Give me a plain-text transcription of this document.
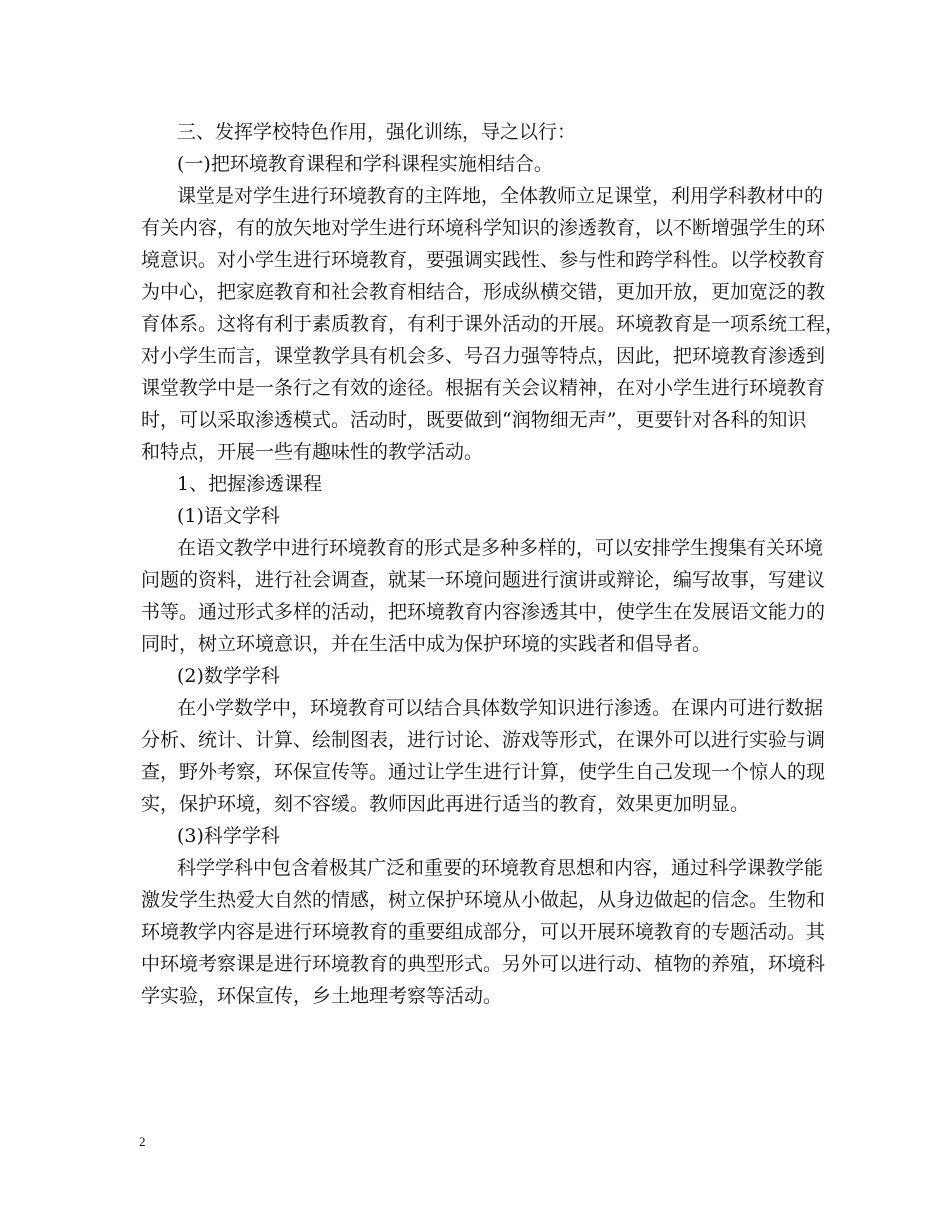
三、发挥学校特色作用，强化训练，导之以行：
(一)把环境教育课程和学科课程实施相结合。
课堂是对学生进行环境教育的主阵地，全体教师立足课堂，利用学科教材中的
有关内容，有的放矢地对学生进行环境科学知识的渗透教育，以不断增强学生的环
境意识。对小学生进行环境教育，要强调实践性、参与性和跨学科性。以学校教育
为中心，把家庭教育和社会教育相结合，形成纵横交错，更加开放，更加宽泛的教
育体系。这将有利于素质教育，有利于课外活动的开展。环境教育是一项系统工程，
对小学生而言，课堂教学具有机会多、号召力强等特点，因此，把环境教育渗透到
课堂教学中是一条行之有效的途径。根据有关会议精神，在对小学生进行环境教育
时，可以采取渗透模式。活动时，既要做到“润物细无声”，更要针对各科的知识
和特点，开展一些有趣味性的教学活动。
1、把握渗透课程
(1)语文学科
在语文教学中进行环境教育的形式是多种多样的，可以安排学生搜集有关环境
问题的资料，进行社会调查，就某一环境问题进行演讲或辩论，编写故事，写建议
书等。通过形式多样的活动，把环境教育内容渗透其中，使学生在发展语文能力的
同时，树立环境意识，并在生活中成为保护环境的实践者和倡导者。
(2)数学学科
在小学数学中，环境教育可以结合具体数学知识进行渗透。在课内可进行数据
分析、统计、计算、绘制图表，进行讨论、游戏等形式，在课外可以进行实验与调
查，野外考察，环保宣传等。通过让学生进行计算，使学生自己发现一个惊人的现
实，保护环境，刻不容缓。教师因此再进行适当的教育，效果更加明显。
(3)科学学科
科学学科中包含着极其广泛和重要的环境教育思想和内容，通过科学课教学能
激发学生热爱大自然的情感，树立保护环境从小做起，从身边做起的信念。生物和
环境教学内容是进行环境教育的重要组成部分，可以开展环境教育的专题活动。其
中环境考察课是进行环境教育的典型形式。另外可以进行动、植物的养殖，环境科
学实验，环保宣传，乡土地理考察等活动。
2
